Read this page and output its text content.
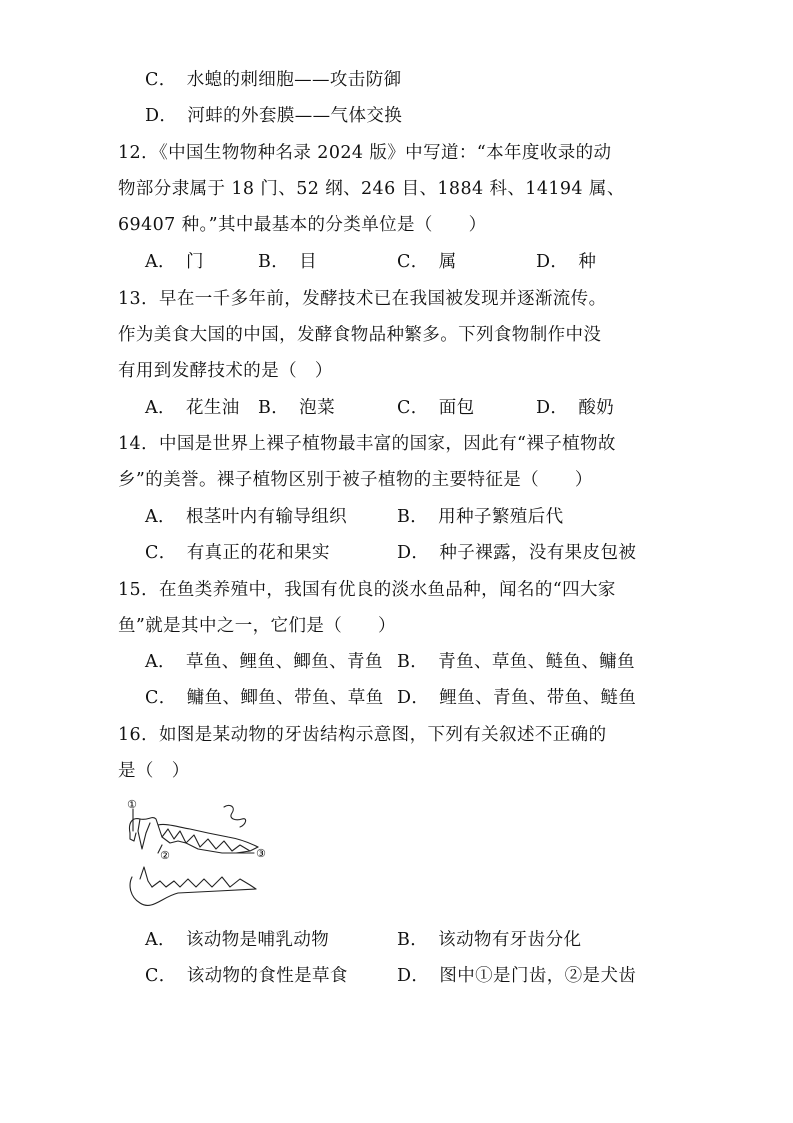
C． 水螅的刺细胞——攻击防御
D． 河蚌的外套膜——气体交换
12．《中国生物物种名录 2024 版》中写道：“本年度收录的动
物部分隶属于 18 门、52 纲、246 目、1884 科、14194 属、
69407 种。”其中最基本的分类单位是（　　）
A． 门	B． 目	C． 属	D． 种
13．早在一千多年前，发酵技术已在我国被发现并逐渐流传。
作为美食大国的中国，发酵食物品种繁多。下列食物制作中没
有用到发酵技术的是（　）
A． 花生油 B． 泡菜	C． 面包	D． 酸奶
14．中国是世界上裸子植物最丰富的国家，因此有“裸子植物故
乡”的美誉。裸子植物区别于被子植物的主要特征是（　　）
A． 根茎叶内有输导组织	B． 用种子繁殖后代
C． 有真正的花和果实	D． 种子裸露，没有果皮包被
15．在鱼类养殖中，我国有优良的淡水鱼品种，闻名的“四大家
鱼”就是其中之一，它们是（　　）
A． 草鱼、鲤鱼、鲫鱼、青鱼 B． 青鱼、草鱼、鲢鱼、鳙鱼
C． 鳙鱼、鲫鱼、带鱼、草鱼 D． 鲤鱼、青鱼、带鱼、鲢鱼
16．如图是某动物的牙齿结构示意图，下列有关叙述不正确的
是（　）
①
②	③
A． 该动物是哺乳动物	B． 该动物有牙齿分化
C． 该动物的食性是草食	D． 图中①是门齿，②是犬齿
